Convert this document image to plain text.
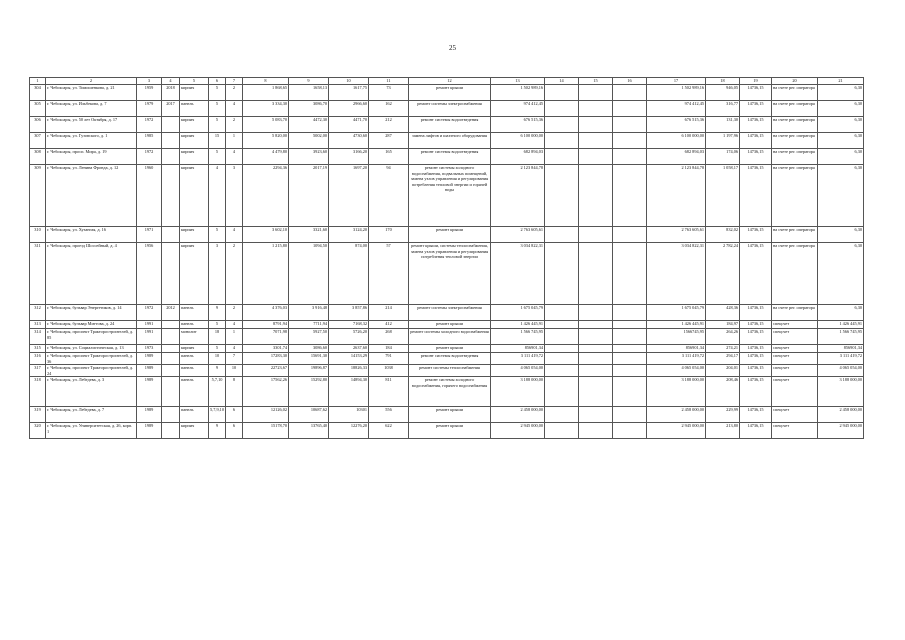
25
1	2	3	4	5	6	7	8	9	10	11	12	13	14	15	16	17	18	19	20	21
304	г. Чебоксары, ул. Тимошенкова, д. 21	1959	2018	кирпич	5	2	1 868,65	1658,13	1617,75	73	ремонт крыши	1 502 989,16				1 502 989,16	946,05	14736,15	на счете рег. оператора	6,30
305	г. Чебоксары, ул. Ильбекова, д. 7	1979	2017	панель	5	4	3 334,30	3086,70	2966,60	162	ремонт системы электроснабжения	974 412,45				974 412,45	316,77	14736,15	на счете рег. оператора	6,30
306	г. Чебоксары, ул. 50 лет Октября, д. 17	1972		кирпич	5	2	5 083,70	4472,30	4471,70	212	ремонт системы водоотведения	676 515,36				676 515,36	131,30	14736,15	на счете рег. оператора	6,30
307	г. Чебоксары, ул. Гузовского, д. 1	1985		кирпич	15	1	5 820,00	5002,00	4730,60	287	замена лифтов и шахтного оборудования	6 100 000,00				6 100 000,00	1 197,96	14736,15	на счете рег. оператора	6,30
308	г. Чебоксары, просп. Мира, д. 19	1972		кирпич	5	4	4 479,80	3923,60	3166,20	165	ремонт системы водоотведения	682 894,03				682 894,03	174,06	14736,15	на счете рег. оператора	6,30
309	г. Чебоксары, ул. Ленина Фронда, д. 12	1960		кирпич	4	3	2294,36	2017,19	1697,20	94	ремонт системы холодного водоснабжения, подвальных помещений, замена узлов управления и регулирования потребления тепловой энергии и горячей воды	2 123 844,78				2 123 844,78	1 058,17	14736,15	на счете рег. оператора	6,30
310	г. Чебоксары, ул. Хузангая, д. 16	1971		кирпич	5	4	3 602,10	3321,60	3124,20	170	ремонт крыши	2 763 605,61				2 763 605,61	832,02	14736,15	на счете рег. оператора	6,30
311	г. Чебоксары, проезд Шоссейный, д. 4	1956		кирпич	3	2	1 215,80	1094,50	874,00	57	ремонт крыши, системы теплоснабжения, замена узлов управления и регулирования потребления тепловой энергии	3 034 822,31				3 034 822,31	2 782,24	14736,15	на счете рег. оператора	6,30
312	г. Чебоксары, бульвар Энергетиков, д. 14	1972	2012	панель	9	2	4 376,03	3 916,48	3 857,86	214	ремонт системы электроснабжения	1 675 045,79				1 675 045,79	428,36	14736,15	на счете рег. оператора	6,30
313	г. Чебоксары, бульвар Миттова, д. 24	1991		панель	5	4	8791,94	7711,94	7168,32	412	ремонт крыши	1 426 445,91				1 426 445,91	184,97	14736,15	спецсчет	1 426 445,91
314	г. Чебоксары, проспект Тракторостроителей, д. 85	1991		монолит	18	1	7071,98	5927,50	5726,20	268	ремонт системы холодного водоснабжения	1 566 745,95				1566745,95	264,26	14736,15	спецсчет	1 566 745,95
315	г. Чебоксары, ул. Социалистическая, д. 13	1973		кирпич	5	4	3301,74	3086,60	2637,60	184	ремонт крыши	856901,34				856901,34	274,21	14736,15	спецсчет	856901,34
316	г. Чебоксары, проспект Тракторостроителей, д. 36	1989		панель	10	7	17283,30	15691,30	14153,29	791	ремонт системы водоотведения	3 111 419,72				3 111 419,72	294,17	14736,15	спецсчет	3 111 419,72
317	г. Чебоксары, проспект Тракторостроителей, д. 24	1989		панель	9	10	22723,67	19896,87	18826,33	1038	ремонт системы теплоснабжения	4 065 054,00				4 065 054,00	204,01	14736,15	спецсчет	4 065 054,00
318	г. Чебоксары, ул. Лебедева, д. 3	1989		панель	5,7,10	8	17562,26	15292,80	14894,30	811	ремонт системы холодного водоснабжения, горячего водоснабжения	3 188 000,00				3 188 000,00	208,46	14736,15	спецсчет	3 188 000,00
319	г. Чебоксары, ул. Лебедева, д. 7	1989		панель	5,7,9,10	6	12126,02	10687,62	10301	556	ремонт крыши	2 458 000,00				2 458 000,00	229,99	14736,15	спецсчет	2 458 000,00
320	г. Чебоксары, ул. Университетская, д. 26, корп. 1	1989		кирпич	9	6	15178,70	13765,40	12276,20	622	ремонт крыши	2 945 000,00				2 945 000,00	213,80	14736,15	спецсчет	2 945 000,00
